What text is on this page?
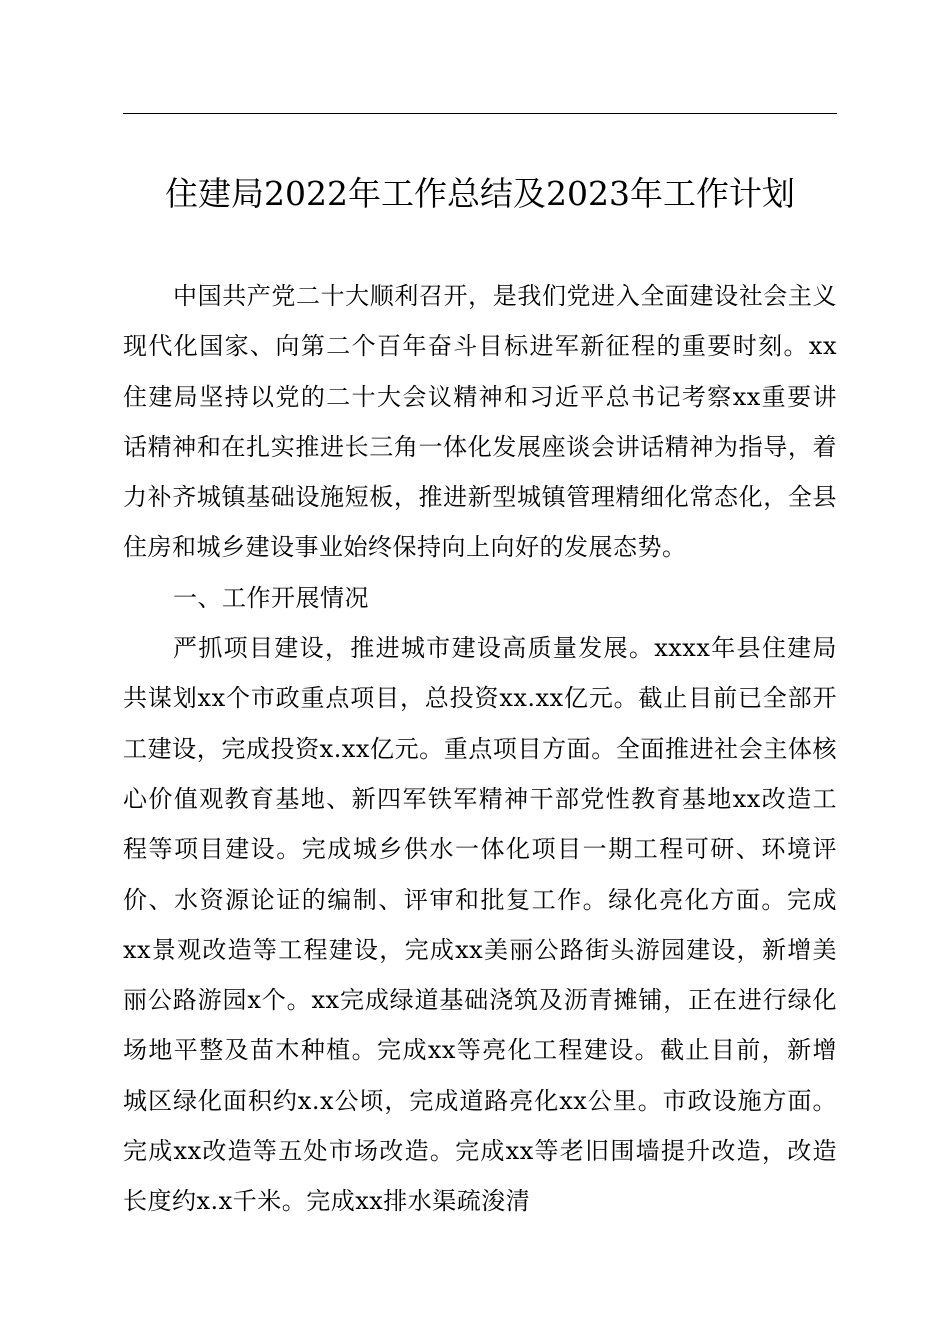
住建局2022年工作总结及2023年工作计划

中国共产党二十大顺利召开，是我们党进入全面建设社会主义现代化国家、向第二个百年奋斗目标进军新征程的重要时刻。xx住建局坚持以党的二十大会议精神和习近平总书记考察xx重要讲话精神和在扎实推进长三角一体化发展座谈会讲话精神为指导，着力补齐城镇基础设施短板，推进新型城镇管理精细化常态化，全县住房和城乡建设事业始终保持向上向好的发展态势。

一、工作开展情况

严抓项目建设，推进城市建设高质量发展。xxxx年县住建局共谋划xx个市政重点项目，总投资xx.xx亿元。截止目前已全部开工建设，完成投资x.xx亿元。重点项目方面。全面推进社会主体核心价值观教育基地、新四军铁军精神干部党性教育基地xx改造工程等项目建设。完成城乡供水一体化项目一期工程可研、环境评价、水资源论证的编制、评审和批复工作。绿化亮化方面。完成xx景观改造等工程建设，完成xx美丽公路街头游园建设，新增美丽公路游园x个。xx完成绿道基础浇筑及沥青摊铺，正在进行绿化场地平整及苗木种植。完成xx等亮化工程建设。截止目前，新增城区绿化面积约x.x公顷，完成道路亮化xx公里。市政设施方面。完成xx改造等五处市场改造。完成xx等老旧围墙提升改造，改造长度约x.x千米。完成xx排水渠疏浚清
